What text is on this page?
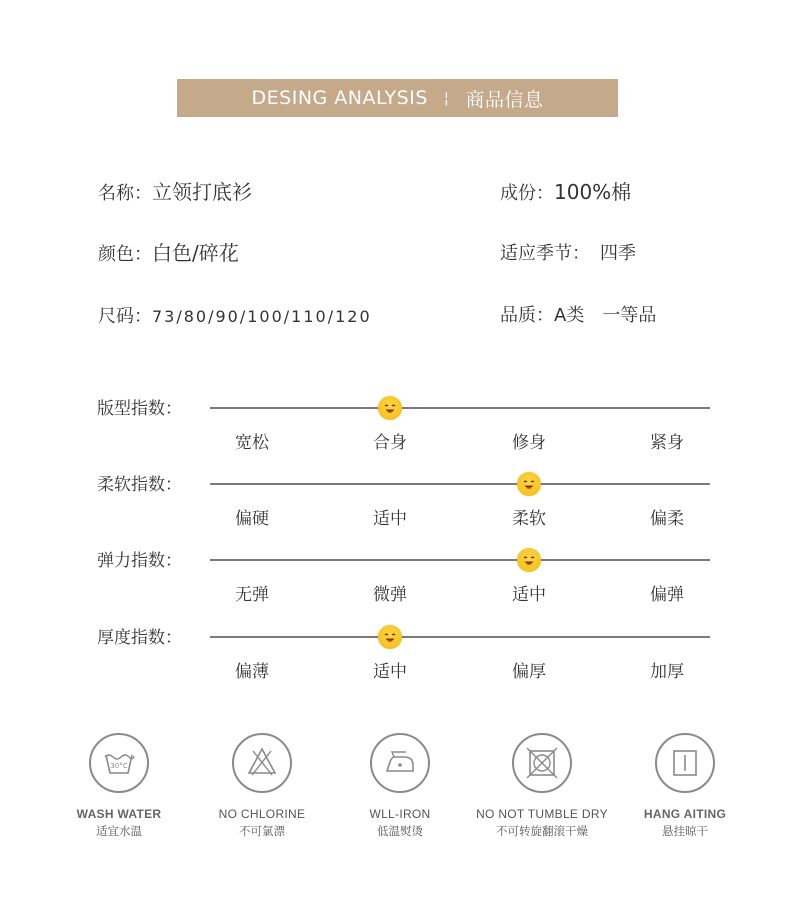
DESING ANALYSIS ¦ 商品信息
名称：立领打底衫	成份：100%棉
颜色：白色/碎花	适应季节： 四季
尺码：73/80/90/100/110/120	品质：A类　一等品
版型指数：
宽松	合身	修身	紧身
柔软指数：
偏硬	适中	柔软	偏柔
弹力指数：
无弹	微弹	适中	偏弹
厚度指数：
偏薄	适中	偏厚	加厚
30°C
WASH WATER
适宜水温
NO CHLORINE
不可氯漂
WLL-IRON
低温熨烫
NO NOT TUMBLE DRY
不可转旋翻滚干燥
HANG AITING
悬挂晾干
